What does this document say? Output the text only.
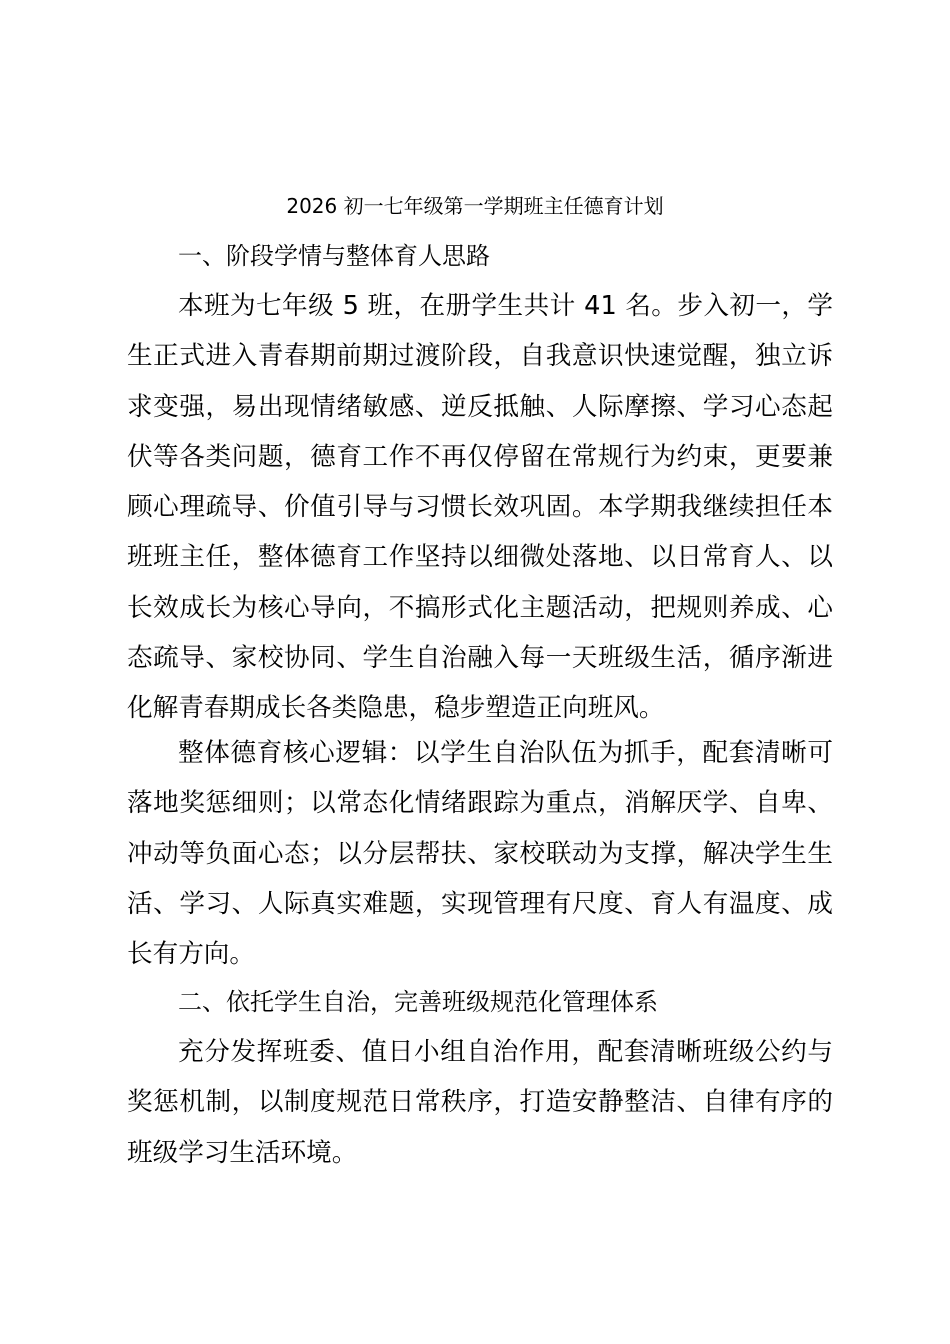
2026 初一七年级第一学期班主任德育计划
一、阶段学情与整体育人思路

本班为七年级 5 班，在册学生共计 41 名。步入初一，学生正式进入青春期前期过渡阶段，自我意识快速觉醒，独立诉求变强，易出现情绪敏感、逆反抵触、人际摩擦、学习心态起伏等各类问题，德育工作不再仅停留在常规行为约束，更要兼顾心理疏导、价值引导与习惯长效巩固。本学期我继续担任本班班主任，整体德育工作坚持以细微处落地、以日常育人、以长效成长为核心导向，不搞形式化主题活动，把规则养成、心态疏导、家校协同、学生自治融入每一天班级生活，循序渐进化解青春期成长各类隐患，稳步塑造正向班风。

整体德育核心逻辑：以学生自治队伍为抓手，配套清晰可落地奖惩细则；以常态化情绪跟踪为重点，消解厌学、自卑、冲动等负面心态；以分层帮扶、家校联动为支撑，解决学生生活、学习、人际真实难题，实现管理有尺度、育人有温度、成长有方向。

二、依托学生自治，完善班级规范化管理体系

充分发挥班委、值日小组自治作用，配套清晰班级公约与奖惩机制，以制度规范日常秩序，打造安静整洁、自律有序的班级学习生活环境。
